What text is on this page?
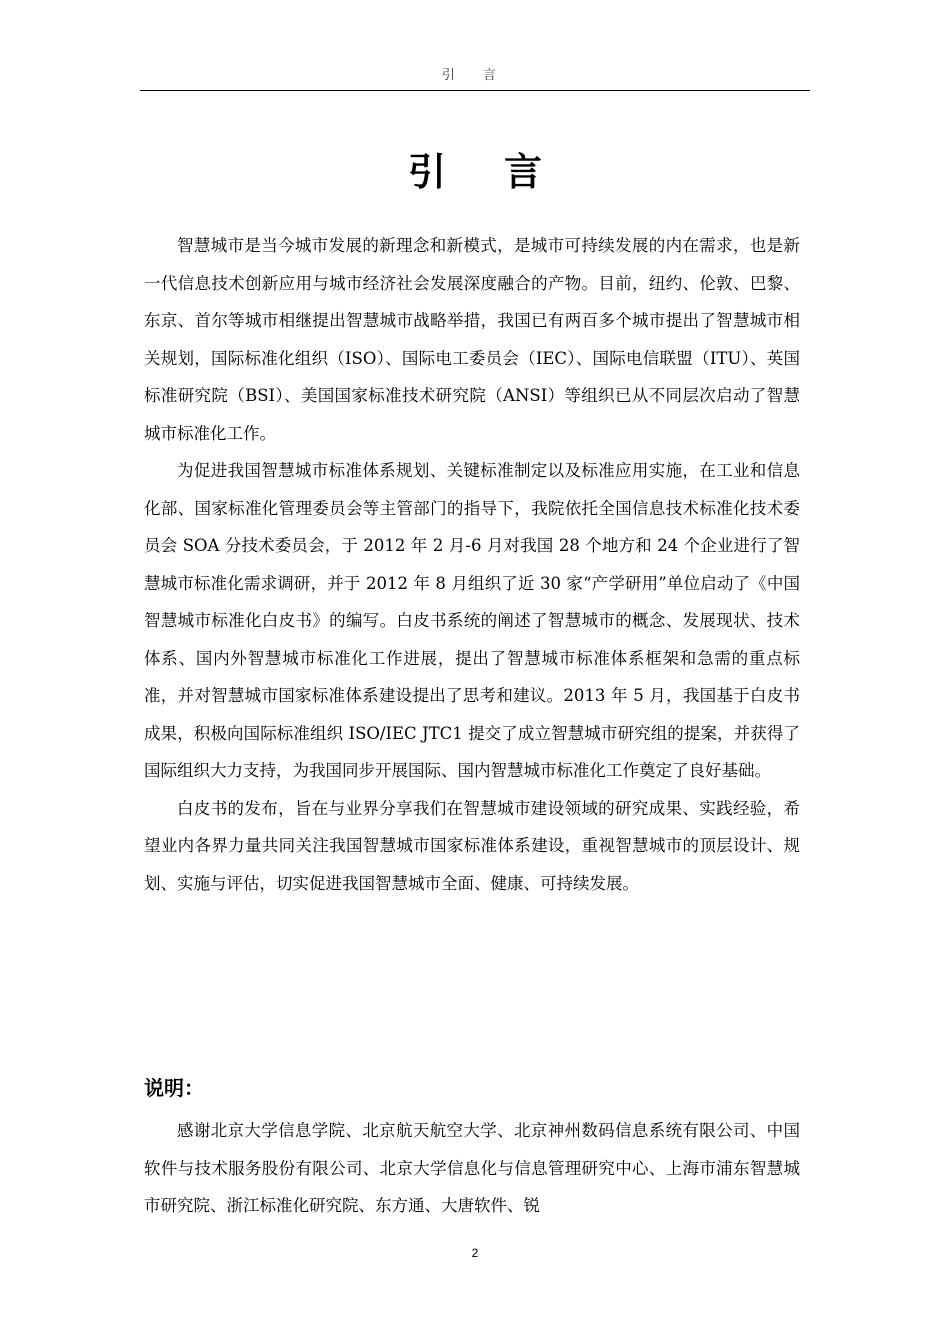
引 言
引言

智慧城市是当今城市发展的新理念和新模式，是城市可持续发展的内在需求，也是新一代信息技术创新应用与城市经济社会发展深度融合的产物。目前，纽约、伦敦、巴黎、东京、首尔等城市相继提出智慧城市战略举措，我国已有两百多个城市提出了智慧城市相关规划，国际标准化组织（ISO）、国际电工委员会（IEC）、国际电信联盟（ITU）、英国标准研究院（BSI）、美国国家标准技术研究院（ANSI）等组织已从不同层次启动了智慧城市标准化工作。

为促进我国智慧城市标准体系规划、关键标准制定以及标准应用实施，在工业和信息化部、国家标准化管理委员会等主管部门的指导下，我院依托全国信息技术标准化技术委员会 SOA 分技术委员会，于 2012 年 2 月-6 月对我国 28 个地方和 24 个企业进行了智慧城市标准化需求调研，并于 2012 年 8 月组织了近 30 家“产学研用”单位启动了《中国智慧城市标准化白皮书》的编写。白皮书系统的阐述了智慧城市的概念、发展现状、技术体系、国内外智慧城市标准化工作进展，提出了智慧城市标准体系框架和急需的重点标准，并对智慧城市国家标准体系建设提出了思考和建议。2013 年 5 月，我国基于白皮书成果，积极向国际标准组织 ISO/IEC JTC1 提交了成立智慧城市研究组的提案，并获得了国际组织大力支持，为我国同步开展国际、国内智慧城市标准化工作奠定了良好基础。

白皮书的发布，旨在与业界分享我们在智慧城市建设领域的研究成果、实践经验，希望业内各界力量共同关注我国智慧城市国家标准体系建设，重视智慧城市的顶层设计、规划、实施与评估，切实促进我国智慧城市全面、健康、可持续发展。

说明：

感谢北京大学信息学院、北京航天航空大学、北京神州数码信息系统有限公司、中国软件与技术服务股份有限公司、北京大学信息化与信息管理研究中心、上海市浦东智慧城市研究院、浙江标准化研究院、东方通、大唐软件、锐

2
